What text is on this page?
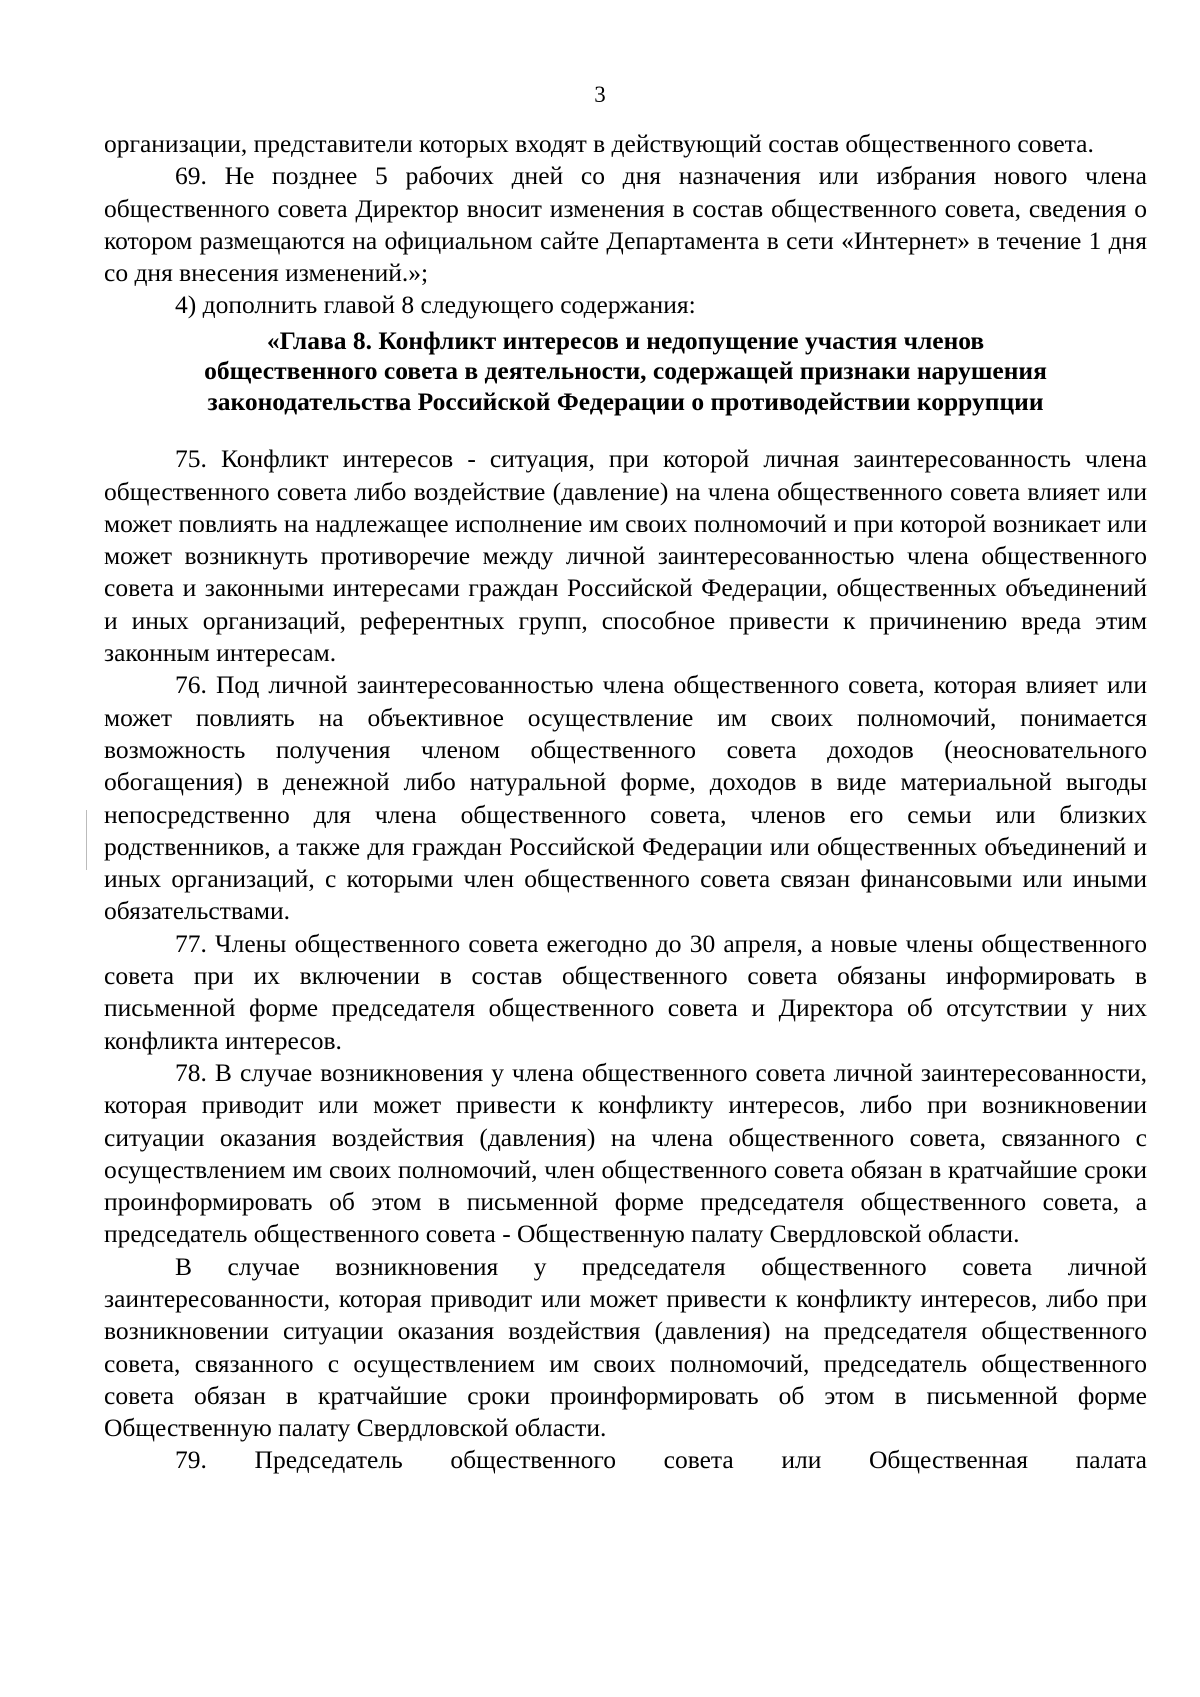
3

организации, представители которых входят в действующий состав общественного совета.

69. Не позднее 5 рабочих дней со дня назначения или избрания нового члена общественного совета Директор вносит изменения в состав общественного совета, сведения о котором размещаются на официальном сайте Департамента в сети «Интернет» в течение 1 дня со дня внесения изменений.»;

4) дополнить главой 8 следующего содержания:

«Глава 8. Конфликт интересов и недопущение участия членов
общественного совета в деятельности, содержащей признаки нарушения
законодательства Российской Федерации о противодействии коррупции

75. Конфликт интересов - ситуация, при которой личная заинтересованность члена общественного совета либо воздействие (давление) на члена общественного совета влияет или может повлиять на надлежащее исполнение им своих полномочий и при которой возникает или может возникнуть противоречие между личной заинтересованностью члена общественного совета и законными интересами граждан Российской Федерации, общественных объединений и иных организаций, референтных групп, способное привести к причинению вреда этим законным интересам.

76. Под личной заинтересованностью члена общественного совета, которая влияет или может повлиять на объективное осуществление им своих полномочий, понимается возможность получения членом общественного совета доходов (неосновательного обогащения) в денежной либо натуральной форме, доходов в виде материальной выгоды непосредственно для члена общественного совета, членов его семьи или близких родственников, а также для граждан Российской Федерации или общественных объединений и иных организаций, с которыми член общественного совета связан финансовыми или иными обязательствами.

77. Члены общественного совета ежегодно до 30 апреля, а новые члены общественного совета при их включении в состав общественного совета обязаны информировать в письменной форме председателя общественного совета и Директора об отсутствии у них конфликта интересов.

78. В случае возникновения у члена общественного совета личной заинтересованности, которая приводит или может привести к конфликту интересов, либо при возникновении ситуации оказания воздействия (давления) на члена общественного совета, связанного с осуществлением им своих полномочий, член общественного совета обязан в кратчайшие сроки проинформировать об этом в письменной форме председателя общественного совета, а председатель общественного совета - Общественную палату Свердловской области.

В случае возникновения у председателя общественного совета личной заинтересованности, которая приводит или может привести к конфликту интересов, либо при возникновении ситуации оказания воздействия (давления) на председателя общественного совета, связанного с осуществлением им своих полномочий, председатель общественного совета обязан в кратчайшие сроки проинформировать об этом в письменной форме Общественную палату Свердловской области.

79. Председатель общественного совета или Общественная палата
